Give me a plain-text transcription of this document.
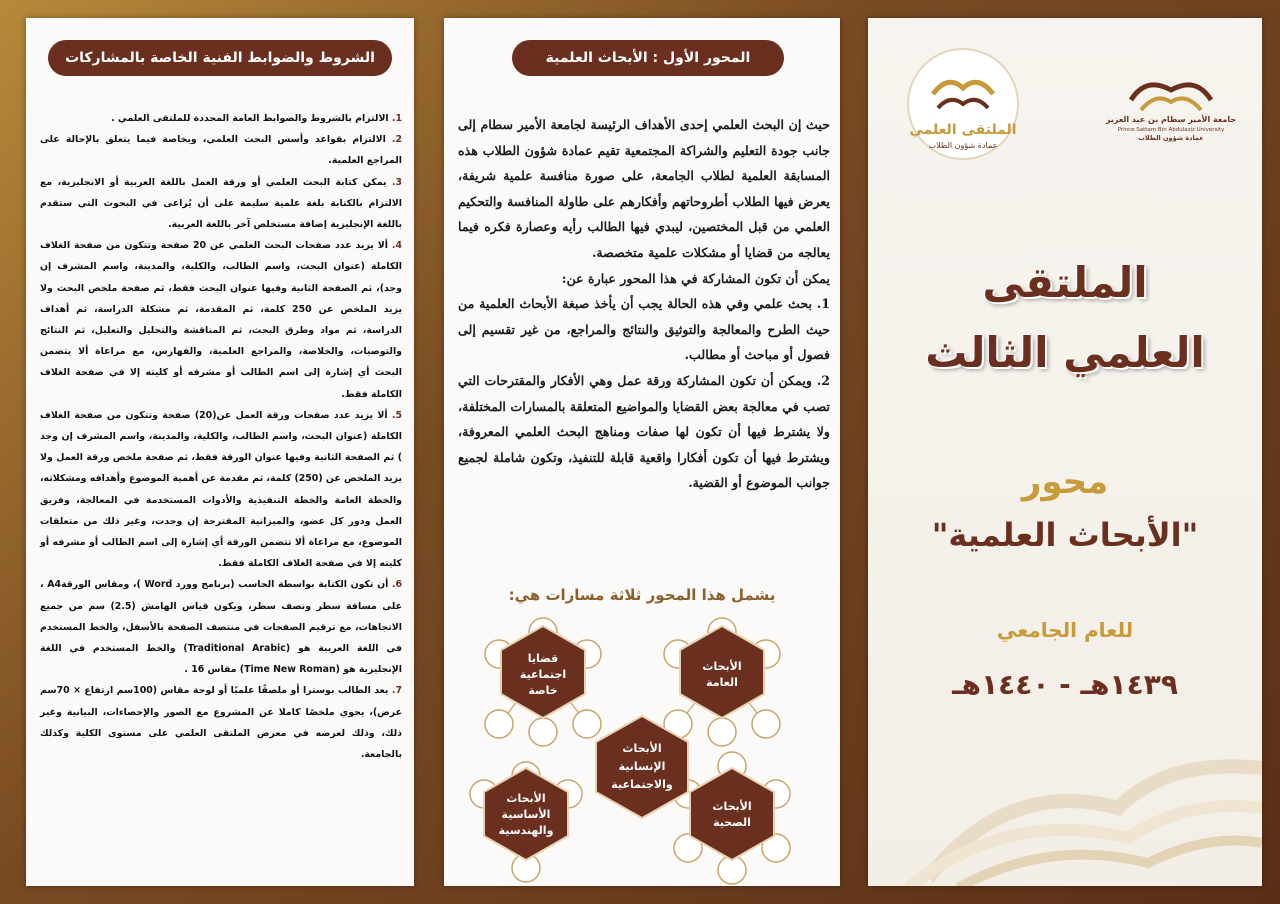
الشروط والضوابط الفنية الخاصة بالمشاركات

1. الالتزام بالشروط والضوابط العامة المحددة للملتقى العلمي .

2. الالتزام بقواعد وأسس البحث العلمي، وبخاصة فيما يتعلق بالإحالة على المراجع العلمية.

3. يمكن كتابة البحث العلمي أو ورقة العمل باللغة العربية أو الانجليزية، مع الالتزام بالكتابة بلغة علمية سليمة على أن يُراعى في البحوث التي ستقدم باللغة الإنجليزية إضافة مستخلص آخر باللغة العربية.

4. ألا يزيد عدد صفحات البحث العلمي عن 20 صفحة وتتكون من صفحة الغلاف الكاملة (عنوان البحث، واسم الطالب، والكلية، والمدينة، واسم المشرف إن وجد)، ثم الصفحة الثانية وفيها عنوان البحث فقط، ثم صفحة ملخص البحث ولا يزيد الملخص عن 250 كلمة، ثم المقدمة، ثم مشكلة الدراسة، ثم أهداف الدراسة، ثم مواد وطرق البحث، ثم المناقشة والتحليل والتعليل، ثم النتائج والتوصيات، والخلاصة، والمراجع العلمية، والفهارس، مع مراعاة ألا يتضمن البحث أي إشارة إلى اسم الطالب أو مشرفه أو كليته إلا في صفحة الغلاف الكاملة فقط.

5. ألا يزيد عدد صفحات ورقة العمل عن(20) صفحة وتتكون من صفحة الغلاف الكاملة (عنوان البحث، واسم الطالب، والكلية، والمدينة، واسم المشرف إن وجد ) ثم الصفحة الثانية وفيها عنوان الورقة فقط، ثم صفحة ملخص ورقة العمل ولا يزيد الملخص عن (250) كلمة، ثم مقدمة عن أهمية الموضوع وأهدافه ومشكلاته، والخطة العامة والخطة التنفيذية والأدوات المستخدمة في المعالجة، وفريق العمل ودور كل عضو، والميزانية المقترحة إن وجدت، وغير ذلك من متعلقات الموضوع، مع مراعاة ألا تتضمن الورقة أي إشارة إلى اسم الطالب أو مشرفه أو كليته إلا في صفحة الغلاف الكاملة فقط.

6. أن تكون الكتابة بواسطة الحاسب (برنامج وورد Word )، ومقاس الورقةA4 ، على مسافة سطر ونصف سطر، ويكون قياس الهامش (2.5) سم من جميع الاتجاهات، مع ترقيم الصفحات في منتصف الصفحة بالأسفل، والخط المستخدم في اللغة العربية هو (Traditional Arabic) والخط المستخدم في اللغة الإنجليزية هو (Time New Roman) مقاس 16 .

7. يعد الطالب بوسترا أو ملصقًا علميًا أو لوحة مقاس (100سم ارتفاع × 70سم عرض)، يحوي ملخصًا كاملا عن المشروع مع الصور والإحصاءات، البيانية وغير ذلك، وذلك لعرضه في معرض الملتقى العلمي على مستوى الكلية وكذلك بالجامعة.

المحور الأول : الأبحاث العلمية

حيث إن البحث العلمي إحدى الأهداف الرئيسة لجامعة الأمير سطام إلى جانب جودة التعليم والشراكة المجتمعية تقيم عمادة شؤون الطلاب هذه المسابقة العلمية لطلاب الجامعة، على صورة منافسة علمية شريفة، يعرض فيها الطلاب أطروحاتهم وأفكارهم على طاولة المنافسة والتحكيم العلمي من قبل المختصين، ليبدي فيها الطالب رأيه وعصارة فكره فيما يعالجه من قضايا أو مشكلات علمية متخصصة.

يمكن أن تكون المشاركة في هذا المحور عبارة عن:

1. بحث علمي وفي هذه الحالة يجب أن يأخذ صبغة الأبحاث العلمية من حيث الطرح والمعالجة والتوثيق والنتائج والمراجع، من غير تقسيم إلى فصول أو مباحث أو مطالب.

2. ويمكن أن تكون المشاركة ورقة عمل وهي الأفكار والمقترحات التي تصب في معالجة بعض القضايا والمواضيع المتعلقة بالمسارات المختلفة، ولا يشترط فيها أن تكون لها صفات ومناهج البحث العلمي المعروفة، ويشترط فيها أن تكون أفكارا واقعية قابلة للتنفيذ، وتكون شاملة لجميع جوانب الموضوع أو القضية.

يشمل هذا المحور ثلاثة مسارات هي:
قضايا
اجتماعية
خاصة
الأبحاث
العامة
الأبحاث
الإنسانية
والاجتماعية
الأبحاث
الأساسية
والهندسية
الأبحاث
الصحية
جامعة الأمير سطام بن عبد العزيز
Prince Sattam Bin Abdulaziz University
عمادة شؤون الطلاب
الملتقى العلمي
عمادة شؤون الطلاب
الملتقى
العلمي الثالث
محور
"الأبحاث العلمية"
للعام الجامعي
١٤٣٩هـ - ١٤٤٠هـ
